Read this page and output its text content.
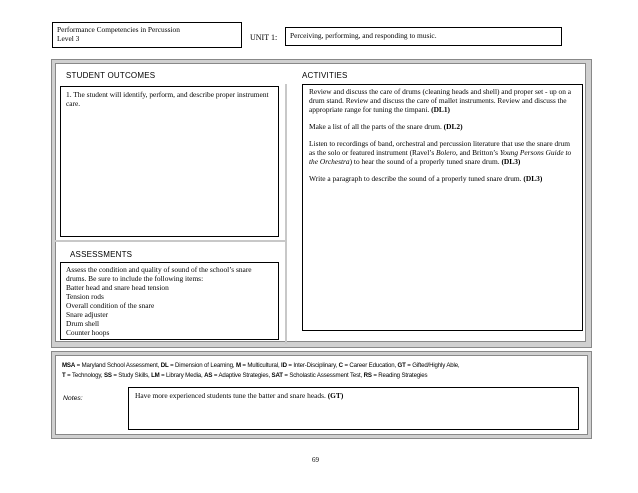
Performance Competencies in Percussion
Level 3	UNIT 1:	Perceiving, performing, and responding to music.
STUDENT OUTCOMES	ACTIVITIES
1. The student will identify, perform, and describe proper instrument care.

Review and discuss the care of drums (cleaning heads and shell) and proper set - up on a drum stand. Review and discuss the care of mallet instruments. Review and discuss the appropriate range for tuning the timpani. (DL1)

Make a list of all the parts of the snare drum. (DL2)

Listen to recordings of band, orchestral and percussion literature that use the snare drum as the solo or featured instrument (Ravel’s Bolero, and Britton’s Young Persons Guide to the Orchestra) to hear the sound of a properly tuned snare drum. (DL3)

Write a paragraph to describe the sound of a properly tuned snare drum. (DL3)

ASSESSMENTS
Assess the condition and quality of sound of the school’s snare drums. Be sure to include the following items:
Batter head and snare head tension
Tension rods
Overall condition of the snare
Snare adjuster
Drum shell
Counter hoops
MSA = Maryland School Assessment, DL = Dimension of Learning, M = Multicultural, ID = Inter-Disciplinary, C = Career Education, GT = Gifted/Highly Able,
T = Technology, SS = Study Skills, LM = Library Media, AS = Adaptive Strategies, SAT = Scholastic Assessment Test, RS = Reading Strategies
Notes:	Have more experienced students tune the batter and snare heads. (GT)
69
